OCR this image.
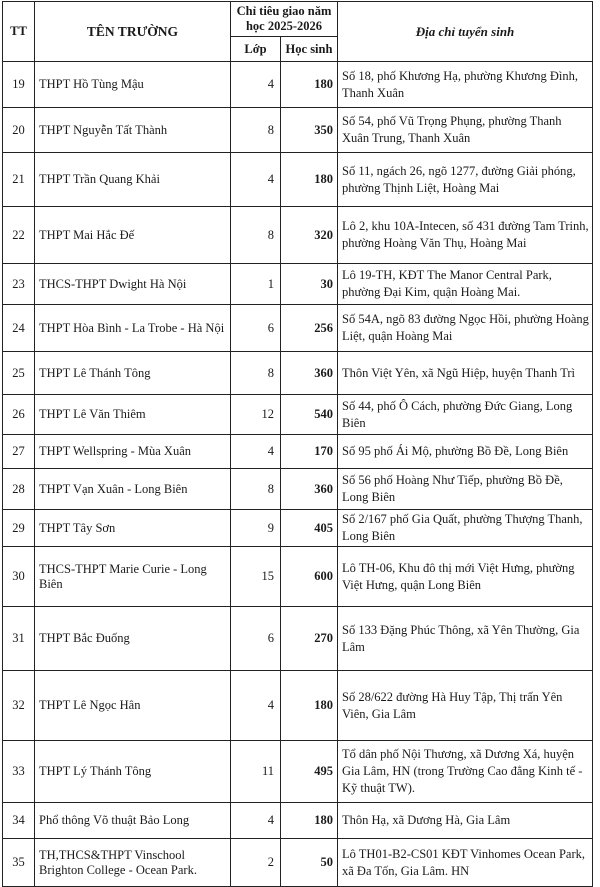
TT	TÊN TRƯỜNG	Chỉ tiêu giao năm học 2025-2026		Địa chỉ tuyển sinh
		Lớp	Học sinh	
19	THPT Hồ Tùng Mậu	4	180	Số 18, phố Khương Hạ, phường Khương Đình, Thanh Xuân
20	THPT Nguyễn Tất Thành	8	350	Số 54, phố Vũ Trọng Phụng, phường Thanh Xuân Trung, Thanh Xuân
21	THPT Trần Quang Khải	4	180	Số 11, ngách 26, ngõ 1277, đường Giải phóng, phường Thịnh Liệt, Hoàng Mai
22	THPT Mai Hắc Đế	8	320	Lô 2, khu 10A-Intecen, số 431 đường Tam Trinh, phường Hoàng Văn Thụ, Hoàng Mai
23	THCS-THPT Dwight Hà Nội	1	30	Lô 19-TH, KĐT The Manor Central Park, phường Đại Kim, quận Hoàng Mai.
24	THPT Hòa Bình - La Trobe - Hà Nội	6	256	Số 54A, ngõ 83 đường Ngọc Hồi, phường Hoàng Liệt, quận Hoàng Mai
25	THPT Lê Thánh Tông	8	360	Thôn Việt Yên, xã Ngũ Hiệp, huyện Thanh Trì
26	THPT Lê Văn Thiêm	12	540	Số 44, phố Ô Cách, phường Đức Giang, Long Biên
27	THPT Wellspring - Mùa Xuân	4	170	Số 95 phố Ái Mộ, phường Bồ Đề, Long Biên
28	THPT Vạn Xuân - Long Biên	8	360	Số 56 phố Hoàng Như Tiếp, phường Bồ Đề, Long Biên
29	THPT Tây Sơn	9	405	Số 2/167 phố Gia Quất, phường Thượng Thanh, Long Biên
30	THCS-THPT Marie Curie - Long Biên	15	600	Lô TH-06, Khu đô thị mới Việt Hưng, phường Việt Hưng, quận Long Biên
31	THPT Bắc Đuống	6	270	Số 133 Đặng Phúc Thông, xã Yên Thường, Gia Lâm
32	THPT Lê Ngọc Hân	4	180	Số 28/622 đường Hà Huy Tập, Thị trấn Yên Viên, Gia Lâm
33	THPT Lý Thánh Tông	11	495	Tổ dân phố Nội Thương, xã Dương Xá, huyện Gia Lâm, HN (trong Trường Cao đẳng Kinh tế - Kỹ thuật TW).
34	Phổ thông Võ thuật Bảo Long	4	180	Thôn Hạ, xã Dương Hà, Gia Lâm
35	TH,THCS&THPT Vinschool Brighton College - Ocean Park.	2	50	Lô TH01-B2-CS01 KĐT Vinhomes Ocean Park, xã Đa Tốn, Gia Lâm. HN
